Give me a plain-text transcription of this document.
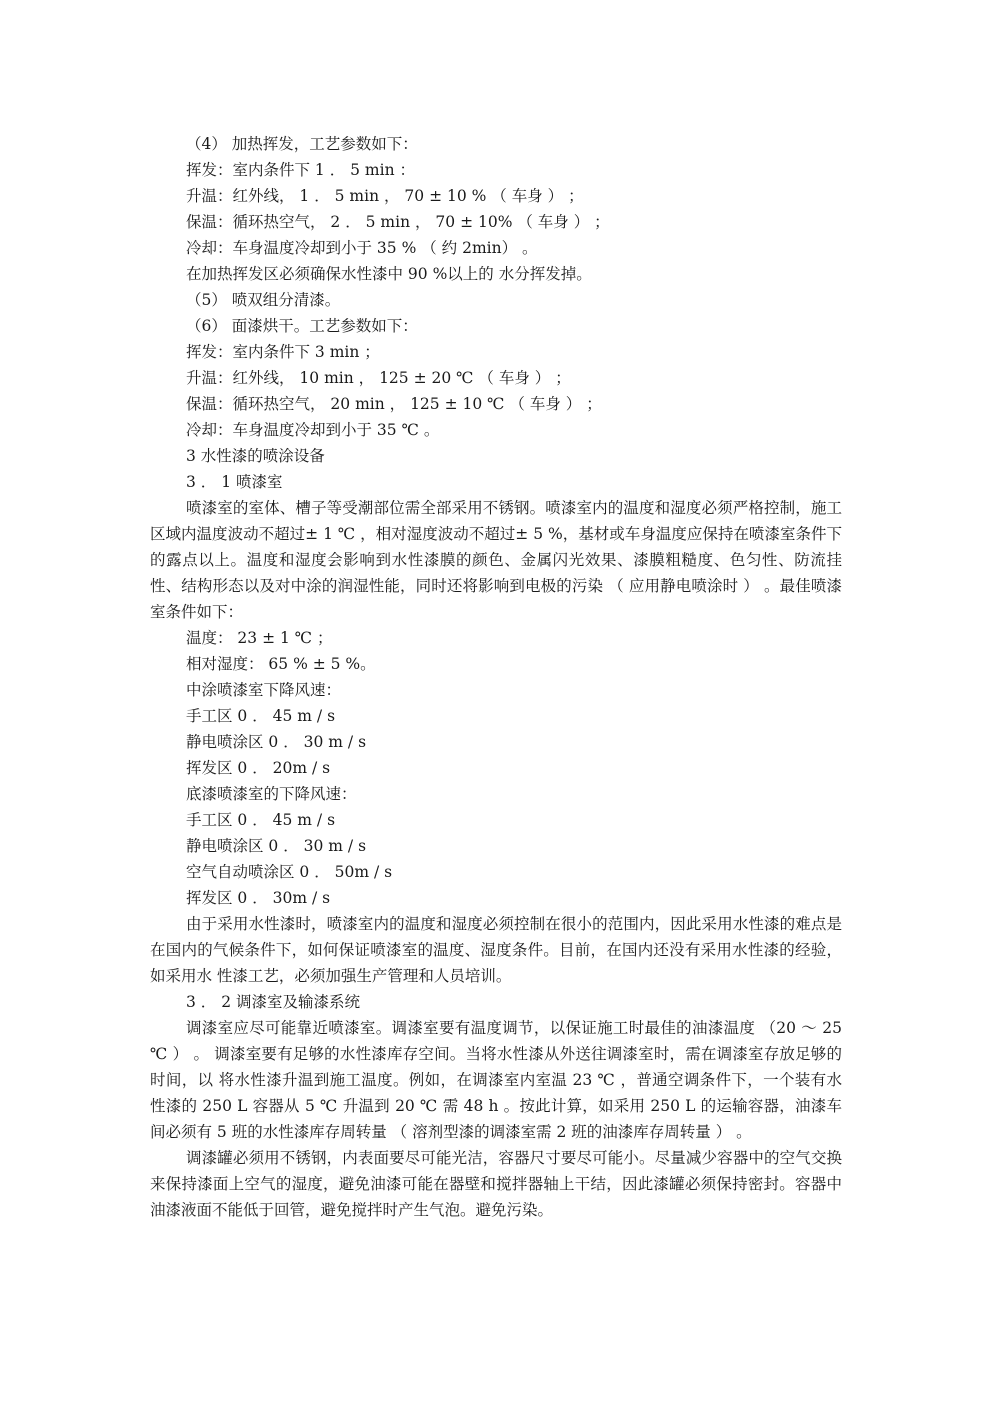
（4） 加热挥发，工艺参数如下：
挥发：室内条件下 1 ． 5 min ：
升温：红外线， 1 ． 5 min ， 70 ± 10 % （ 车身 ） ；
保温：循环热空气， 2 ． 5 min ， 70 ± 10% （ 车身 ） ；
冷却：车身温度冷却到小于 35 % （ 约 2min） 。
在加热挥发区必须确保水性漆中 90 %以上的 水分挥发掉。
（5） 喷双组分清漆。
（6） 面漆烘干。工艺参数如下：
挥发：室内条件下 3 min ；
升温：红外线， 10 min ， 125 ± 20 ℃ （ 车身 ） ；
保温：循环热空气， 20 min ， 125 ± 10 ℃ （ 车身 ） ；
冷却：车身温度冷却到小于 35 ℃ 。
3 水性漆的喷涂设备
3 ． 1 喷漆室
喷漆室的室体、槽子等受潮部位需全部采用不锈钢。喷漆室内的温度和湿度必须严格控制，施工区域内温度波动不超过± 1 ℃ ，相对湿度波动不超过± 5 %，基材或车身温度应保持在喷漆室条件下的露点以上。温度和湿度会影响到水性漆膜的颜色、金属闪光效果、漆膜粗糙度、色匀性、防流挂性、结构形态以及对中涂的润湿性能，同时还将影响到电极的污染 （ 应用静电喷涂时 ） 。最佳喷漆室条件如下：
温度： 23 ± 1 ℃ ；
相对湿度： 65 % ± 5 %。
中涂喷漆室下降风速：
手工区 0 ． 45 m / s
静电喷涂区 0 ． 30 m / s
挥发区 0 ． 20m / s
底漆喷漆室的下降风速：
手工区 0 ． 45 m / s
静电喷涂区 0 ． 30 m / s
空气自动喷涂区 0 ． 50m / s
挥发区 0 ． 30m / s
由于采用水性漆时，喷漆室内的温度和湿度必须控制在很小的范围内，因此采用水性漆的难点是在国内的气候条件下，如何保证喷漆室的温度、湿度条件。目前，在国内还没有采用水性漆的经验，如采用水 性漆工艺，必须加强生产管理和人员培训。
3 ． 2 调漆室及输漆系统
调漆室应尽可能靠近喷漆室。调漆室要有温度调节，以保证施工时最佳的油漆温度 （20 ～ 25 ℃ ） 。 调漆室要有足够的水性漆库存空间。当将水性漆从外送往调漆室时，需在调漆室存放足够的时间，以 将水性漆升温到施工温度。例如，在调漆室内室温 23 ℃ ，普通空调条件下，一个装有水性漆的 250 L 容器从 5 ℃ 升温到 20 ℃ 需 48 h 。按此计算，如采用 250 L 的运输容器，油漆车间必须有 5 班的水性漆库存周转量 （ 溶剂型漆的调漆室需 2 班的油漆库存周转量 ） 。
调漆罐必须用不锈钢，内表面要尽可能光洁，容器尺寸要尽可能小。尽量减少容器中的空气交换来保持漆面上空气的湿度，避免油漆可能在器壁和搅拌器轴上干结，因此漆罐必须保持密封。容器中油漆液面不能低于回管，避免搅拌时产生气泡。避免污染。
